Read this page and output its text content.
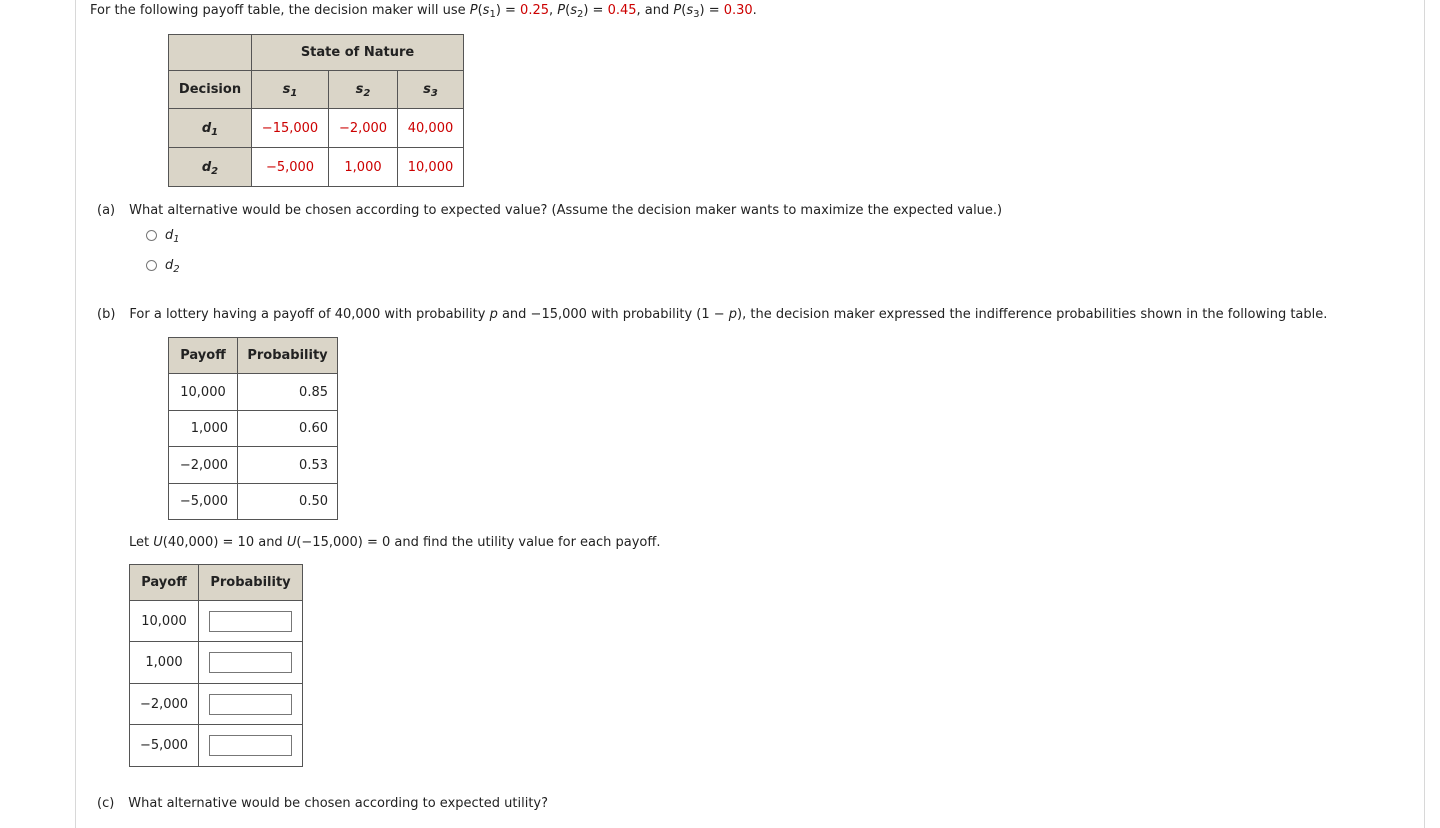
For the following payoff table, the decision maker will use $P(s_1) = 0.25$, $P(s_2) = 0.45$, and $P(s_3) = 0.30$.
	State of Nature		
Decision	$s_1$	$s_2$	$s_3$
$d_1$	−15,000	−2,000	40,000
$d_2$	−5,000	1,000	10,000
(a) What alternative would be chosen according to expected value? (Assume the decision maker wants to maximize the expected value.)
$d_1$
$d_2$
(b) For a lottery having a payoff of 40,000 with probability p and −15,000 with probability (1 − p), the decision maker expressed the indifference probabilities shown in the following table.
Payoff	Probability
10,000	0.85
1,000	0.60
−2,000	0.53
−5,000	0.50
Let U(40,000) = 10 and U(−15,000) = 0 and find the utility value for each payoff.
Payoff	Probability
10,000	

1,000	

−2,000	

−5,000	
(c) What alternative would be chosen according to expected utility?
